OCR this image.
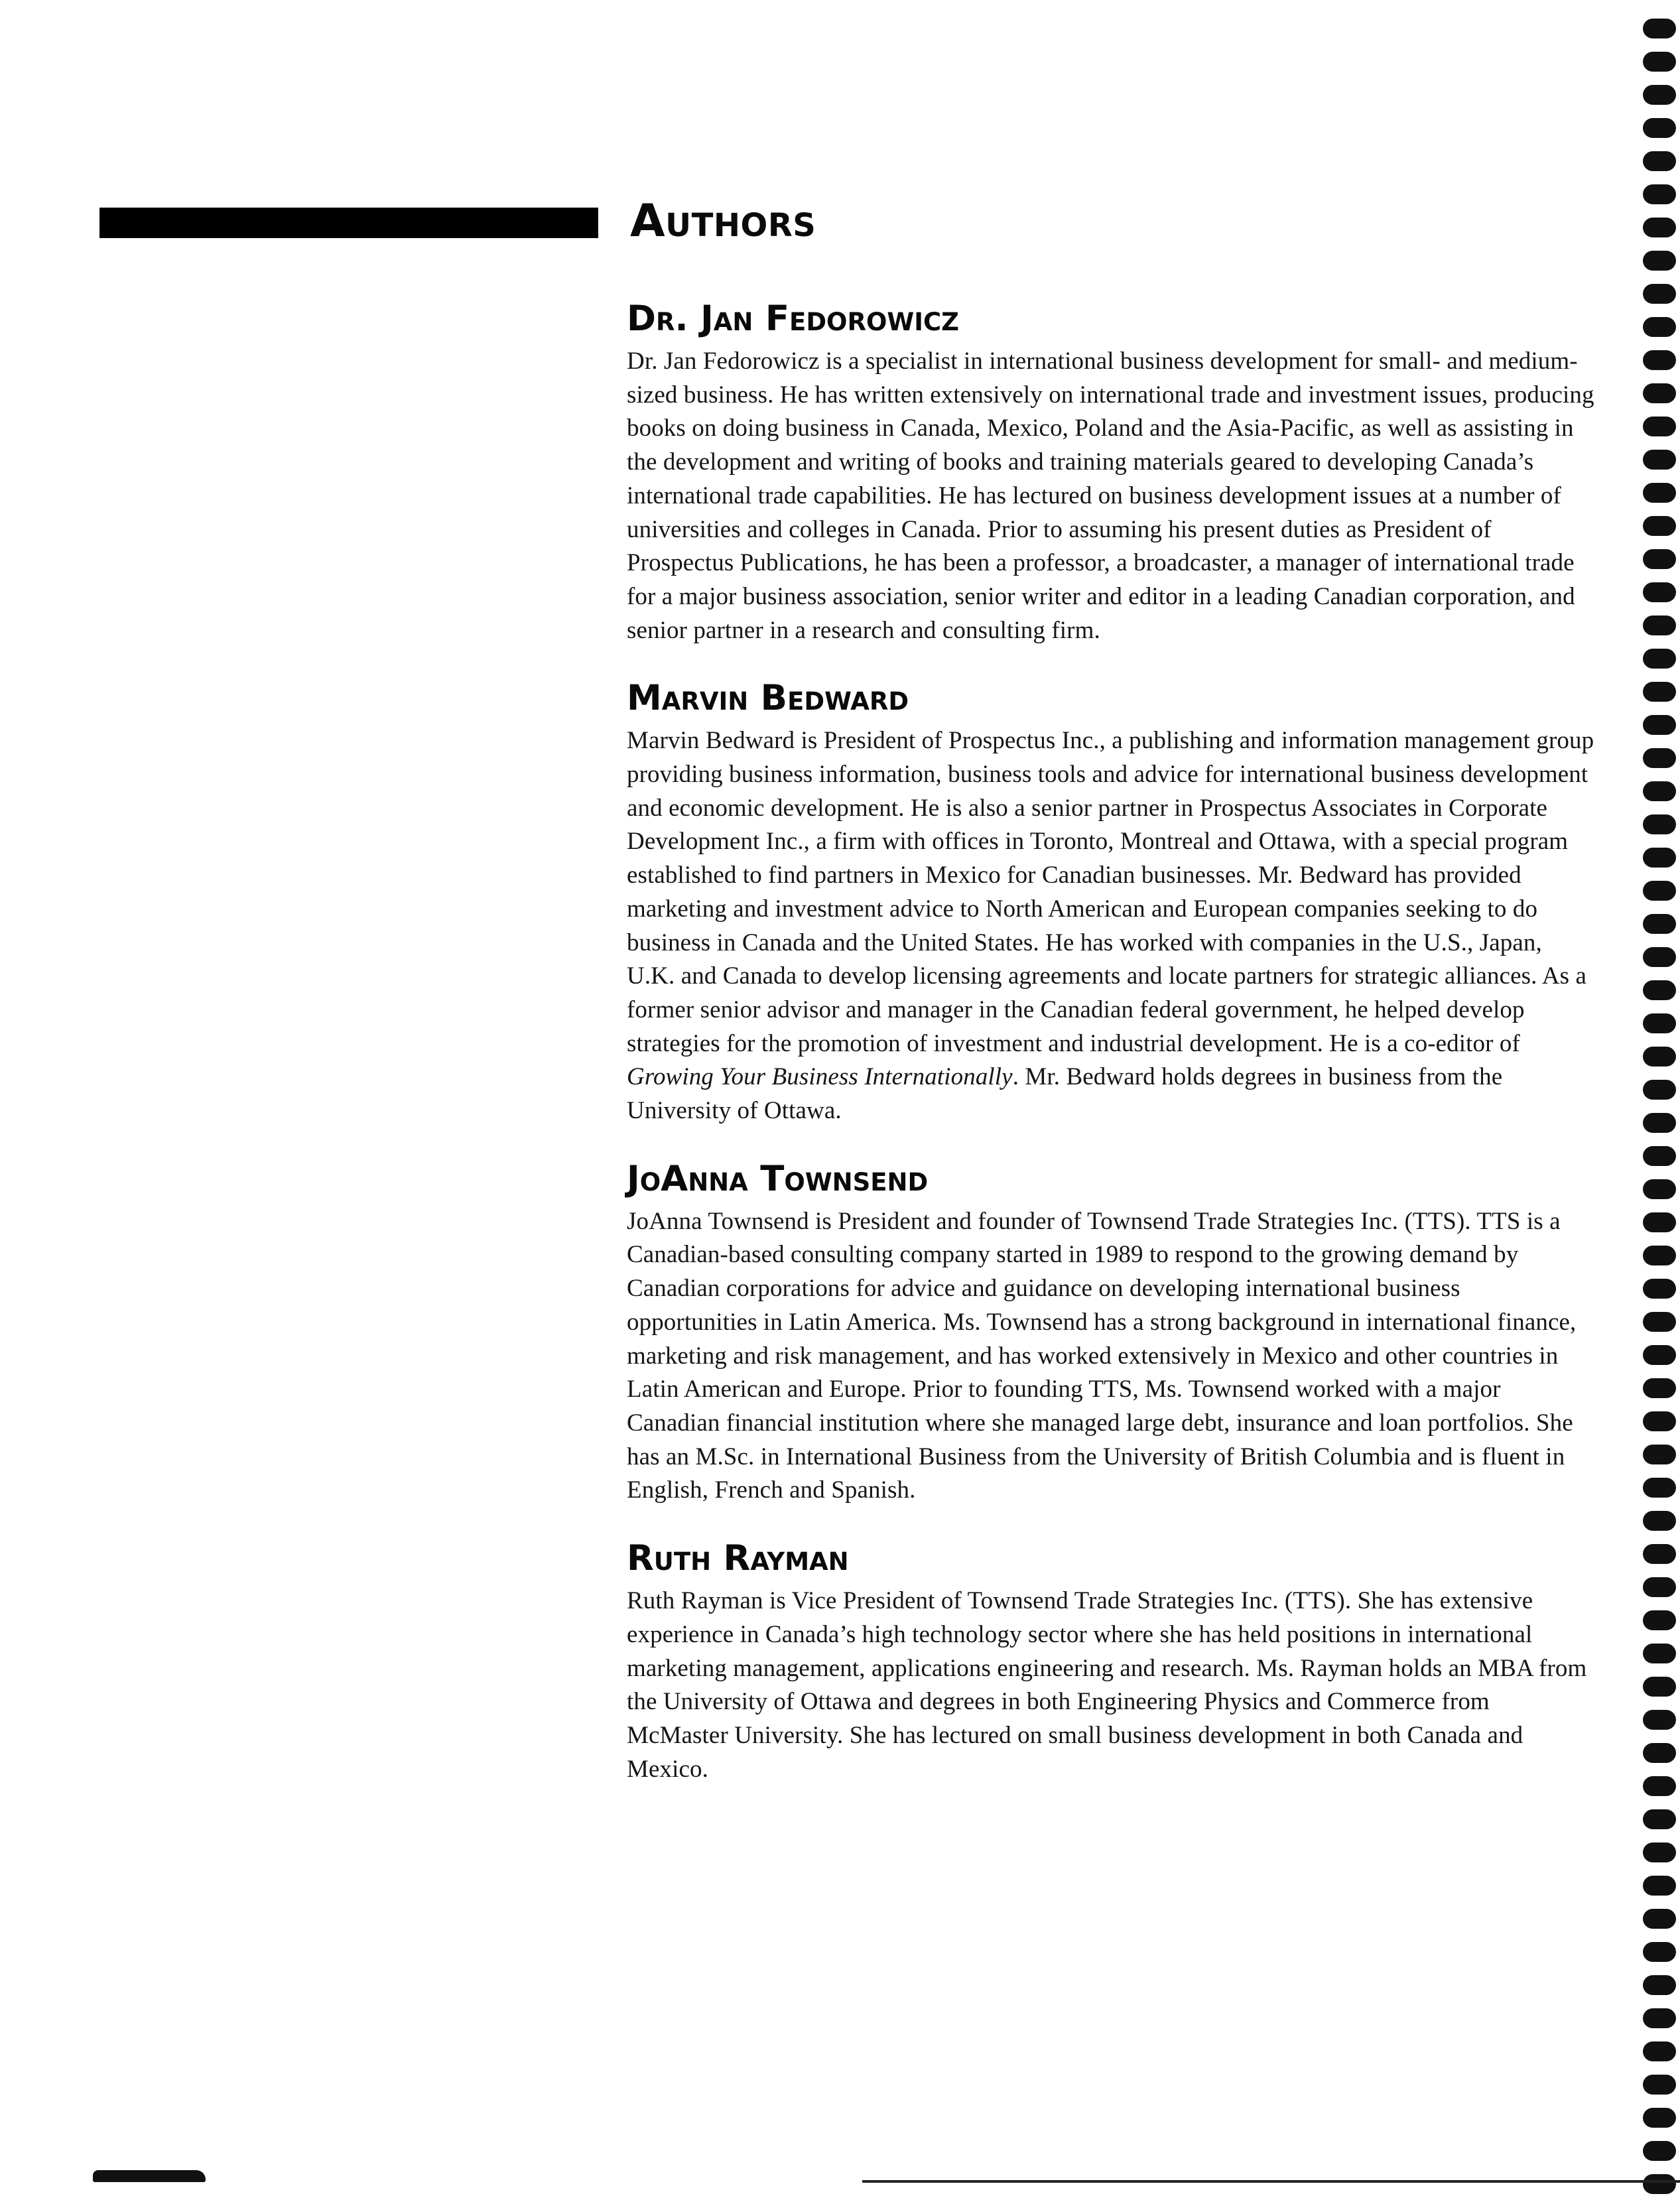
Authors
Dr. Jan Fedorowicz

Dr. Jan Fedorowicz is a specialist in international business development for small- and medium-sized business. He has written extensively on international trade and investment issues, producing books on doing business in Canada, Mexico, Poland and the Asia-Pacific, as well as assisting in the development and writing of books and training materials geared to developing Canada’s international trade capabilities. He has lectured on business development issues at a number of universities and colleges in Canada. Prior to assuming his present duties as President of Prospectus Publications, he has been a professor, a broadcaster, a manager of international trade for a major business association, senior writer and editor in a leading Canadian corporation, and senior partner in a research and consulting firm.

Marvin Bedward

Marvin Bedward is President of Prospectus Inc., a publishing and information management group providing business information, business tools and advice for international business development and economic development. He is also a senior partner in Prospectus Associates in Corporate Development Inc., a firm with offices in Toronto, Montreal and Ottawa, with a special program established to find partners in Mexico for Canadian businesses. Mr. Bedward has provided marketing and investment advice to North American and European companies seeking to do business in Canada and the United States. He has worked with companies in the U.S., Japan, U.K. and Canada to develop licensing agreements and locate partners for strategic alliances. As a former senior advisor and manager in the Canadian federal government, he helped develop strategies for the promotion of investment and industrial development. He is a co-editor of Growing Your Business Internationally. Mr. Bedward holds degrees in business from the University of Ottawa.

JoAnna Townsend

JoAnna Townsend is President and founder of Townsend Trade Strategies Inc. (TTS). TTS is a Canadian-based consulting company started in 1989 to respond to the growing demand by Canadian corporations for advice and guidance on developing international business opportunities in Latin America. Ms. Townsend has a strong background in international finance, marketing and risk management, and has worked extensively in Mexico and other countries in Latin American and Europe. Prior to founding TTS, Ms. Townsend worked with a major Canadian financial institution where she managed large debt, insurance and loan portfolios. She has an M.Sc. in International Business from the University of British Columbia and is fluent in English, French and Spanish.

Ruth Rayman

Ruth Rayman is Vice President of Townsend Trade Strategies Inc. (TTS). She has extensive experience in Canada’s high technology sector where she has held positions in international marketing management, applications engineering and research. Ms. Rayman holds an MBA from the University of Ottawa and degrees in both Engineering Physics and Commerce from McMaster University. She has lectured on small business development in both Canada and Mexico.
